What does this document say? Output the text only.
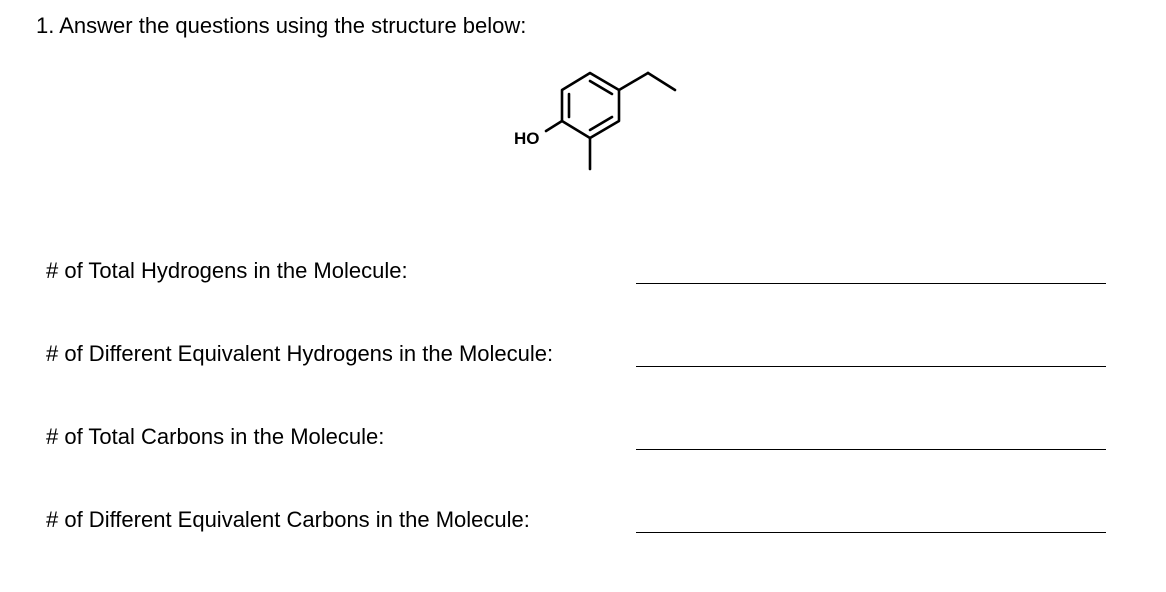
1. Answer the questions using the structure below:
HO
# of Total Hydrogens in the Molecule:
# of Different Equivalent Hydrogens in the Molecule:
# of Total Carbons in the Molecule:
# of Different Equivalent Carbons in the Molecule:
